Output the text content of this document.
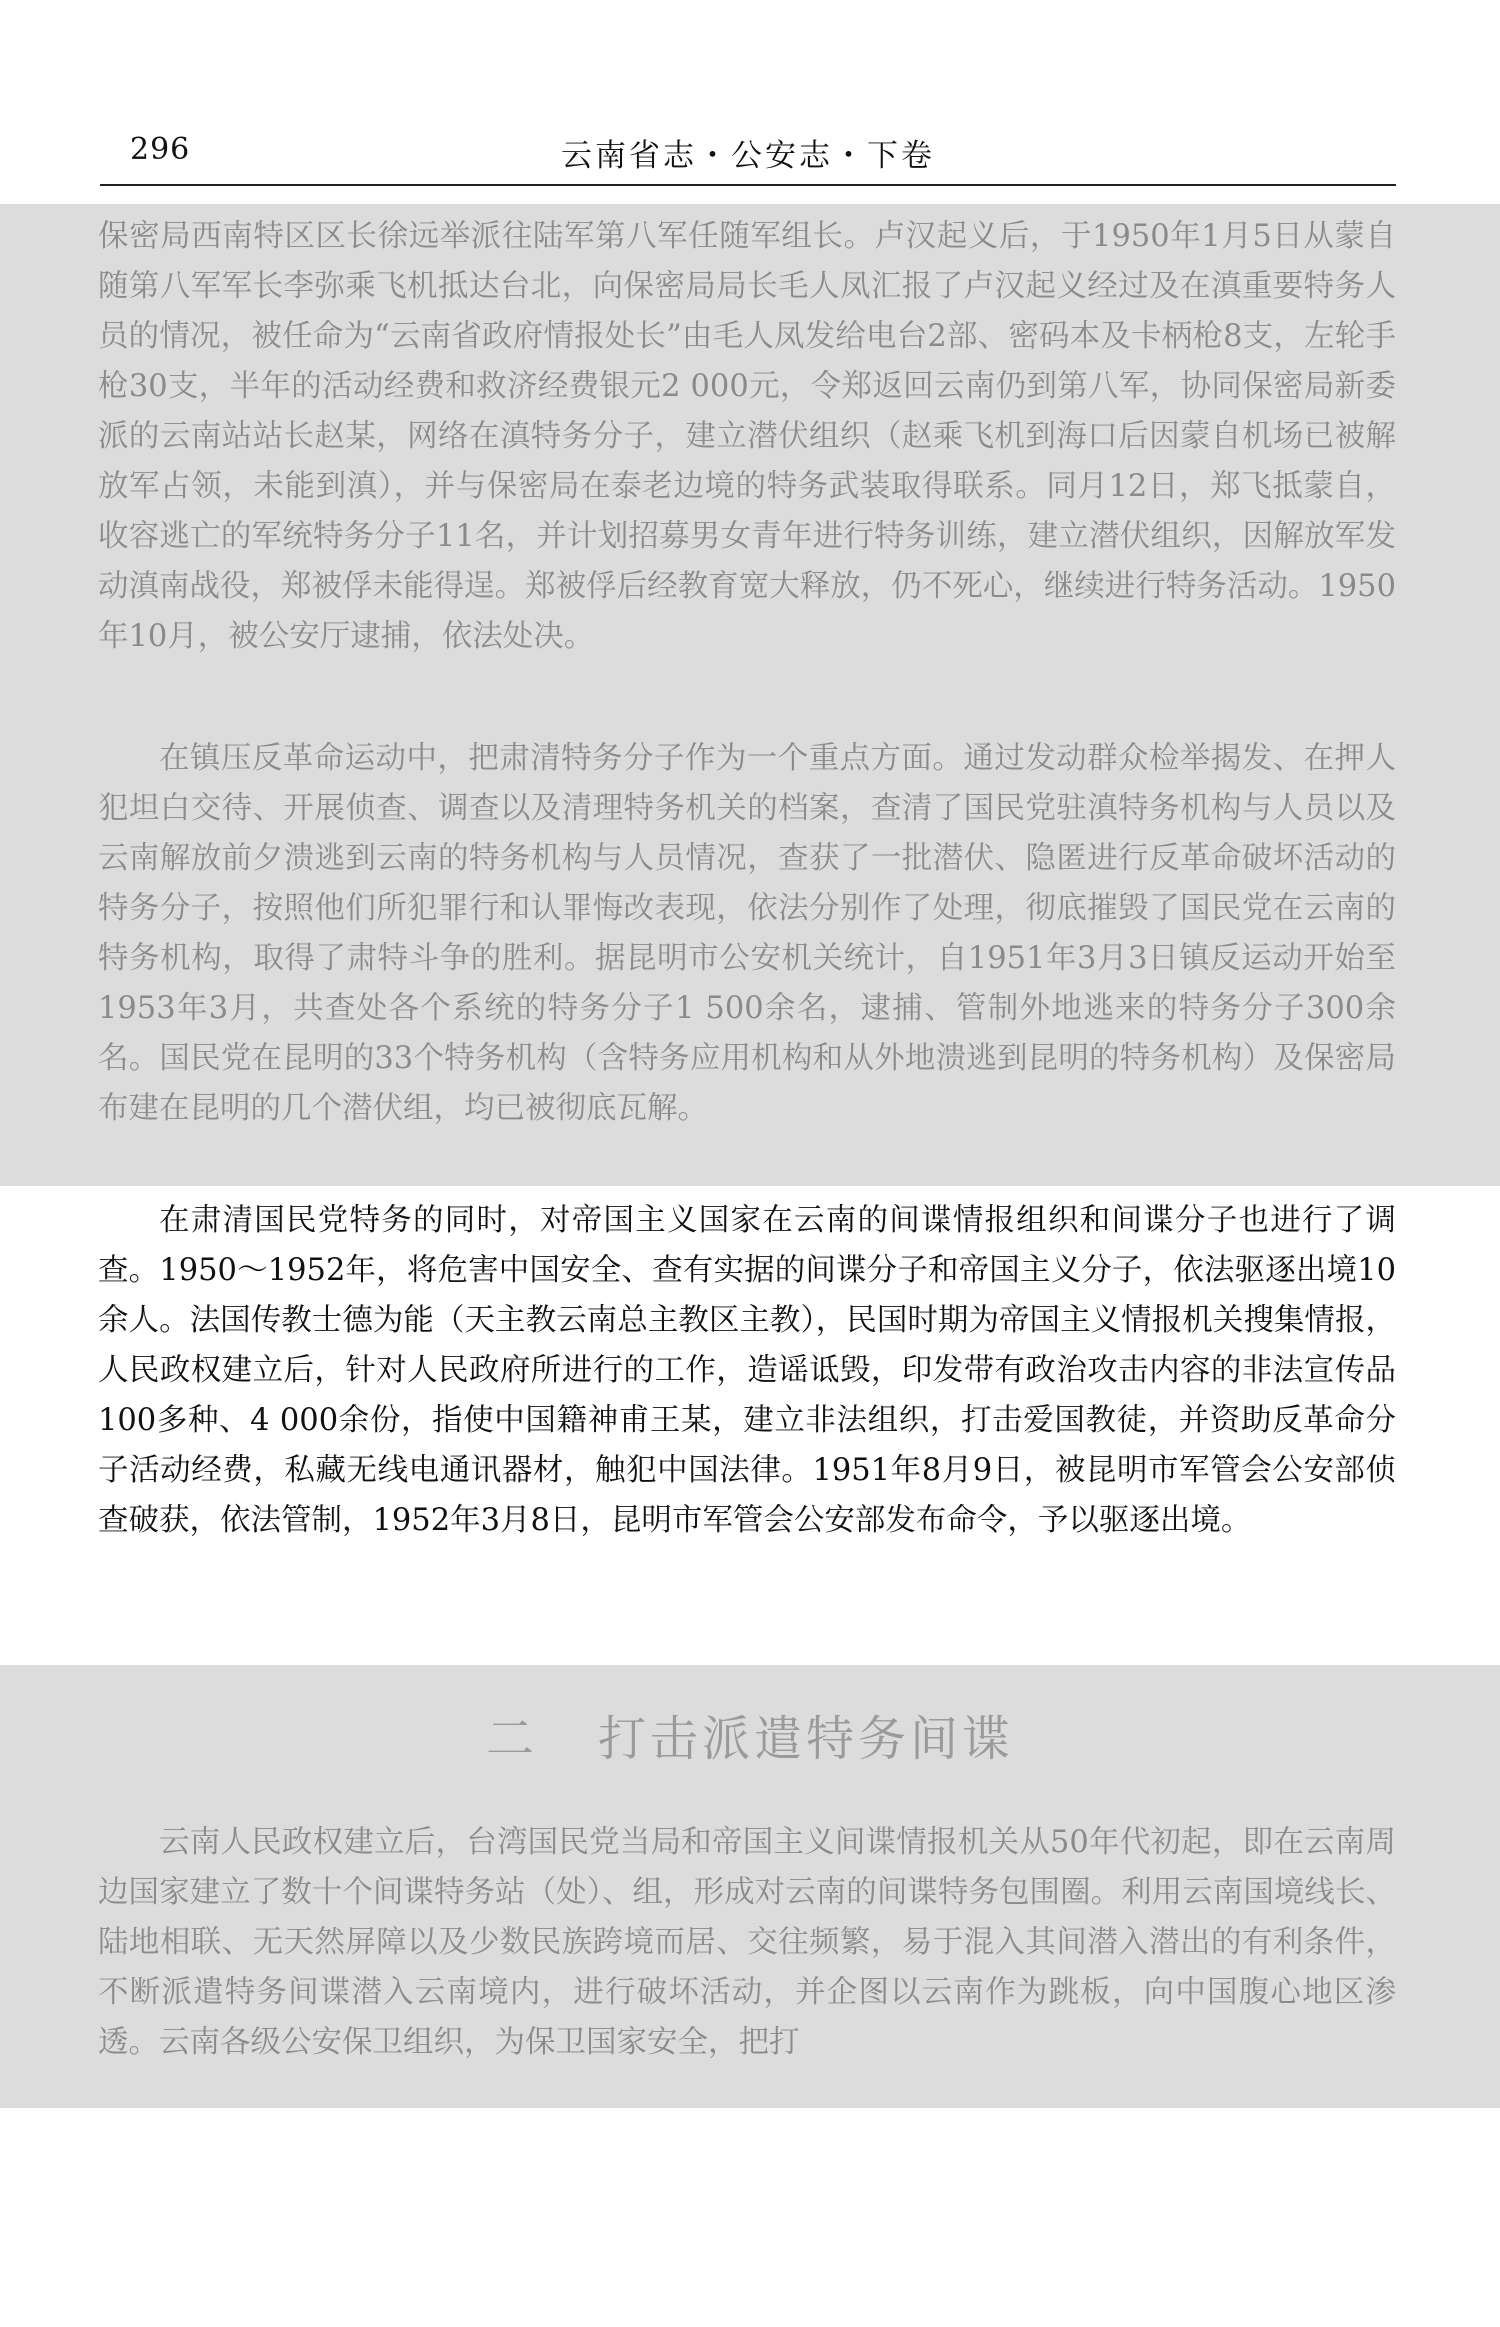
296	云南省志・公安志・下卷

保密局西南特区区长徐远举派往陆军第八军任随军组长。卢汉起义后，于1950年1月5日从蒙自随第八军军长李弥乘飞机抵达台北，向保密局局长毛人凤汇报了卢汉起义经过及在滇重要特务人员的情况，被任命为“云南省政府情报处长”由毛人凤发给电台2部、密码本及卡柄枪8支，左轮手枪30支，半年的活动经费和救济经费银元2 000元，令郑返回云南仍到第八军，协同保密局新委派的云南站站长赵某，网络在滇特务分子，建立潜伏组织（赵乘飞机到海口后因蒙自机场已被解放军占领，未能到滇），并与保密局在泰老边境的特务武装取得联系。同月12日，郑飞抵蒙自，收容逃亡的军统特务分子11名，并计划招募男女青年进行特务训练，建立潜伏组织，因解放军发动滇南战役，郑被俘未能得逞。郑被俘后经教育宽大释放，仍不死心，继续进行特务活动。1950年10月，被公安厅逮捕，依法处决。

在镇压反革命运动中，把肃清特务分子作为一个重点方面。通过发动群众检举揭发、在押人犯坦白交待、开展侦查、调查以及清理特务机关的档案，查清了国民党驻滇特务机构与人员以及云南解放前夕溃逃到云南的特务机构与人员情况，查获了一批潜伏、隐匿进行反革命破坏活动的特务分子，按照他们所犯罪行和认罪悔改表现，依法分别作了处理，彻底摧毁了国民党在云南的特务机构，取得了肃特斗争的胜利。据昆明市公安机关统计，自1951年3月3日镇反运动开始至1953年3月，共查处各个系统的特务分子1 500余名，逮捕、管制外地逃来的特务分子300余名。国民党在昆明的33个特务机构（含特务应用机构和从外地溃逃到昆明的特务机构）及保密局布建在昆明的几个潜伏组，均已被彻底瓦解。

在肃清国民党特务的同时，对帝国主义国家在云南的间谍情报组织和间谍分子也进行了调查。1950～1952年，将危害中国安全、查有实据的间谍分子和帝国主义分子，依法驱逐出境10余人。法国传教士德为能（天主教云南总主教区主教），民国时期为帝国主义情报机关搜集情报，人民政权建立后，针对人民政府所进行的工作，造谣诋毁，印发带有政治攻击内容的非法宣传品100多种、4 000余份，指使中国籍神甫王某，建立非法组织，打击爱国教徒，并资助反革命分子活动经费，私藏无线电通讯器材，触犯中国法律。1951年8月9日，被昆明市军管会公安部侦查破获，依法管制，1952年3月8日，昆明市军管会公安部发布命令，予以驱逐出境。

二 打击派遣特务间谍

云南人民政权建立后，台湾国民党当局和帝国主义间谍情报机关从50年代初起，即在云南周边国家建立了数十个间谍特务站（处）、组，形成对云南的间谍特务包围圈。利用云南国境线长、陆地相联、无天然屏障以及少数民族跨境而居、交往频繁，易于混入其间潜入潜出的有利条件，不断派遣特务间谍潜入云南境内，进行破坏活动，并企图以云南作为跳板，向中国腹心地区渗透。云南各级公安保卫组织，为保卫国家安全，把打
